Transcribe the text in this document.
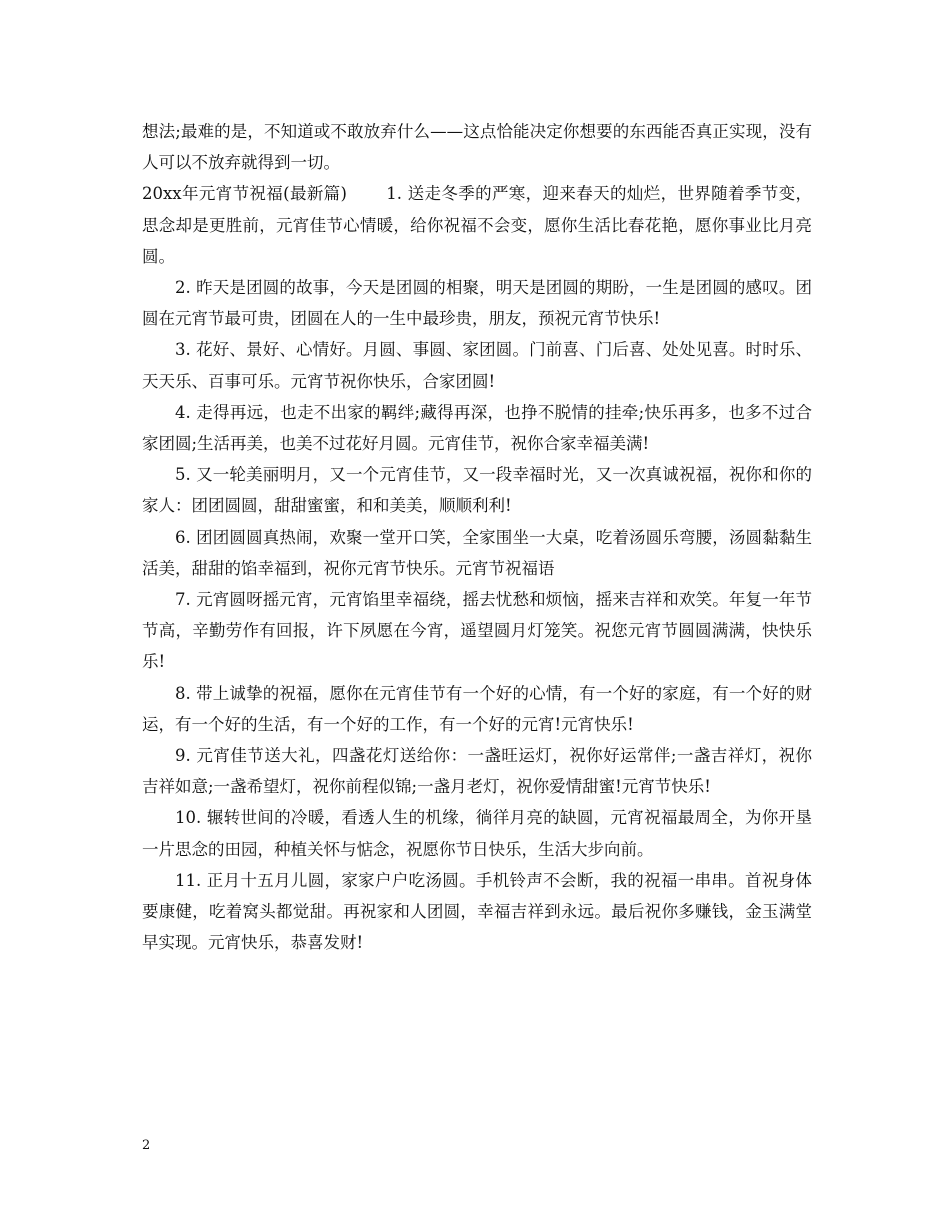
想法;最难的是，不知道或不敢放弃什么——这点恰能决定你想要的东西能否真正实现，没有人可以不放弃就得到一切。

20xx年元宵节祝福(最新篇) 1. 送走冬季的严寒，迎来春天的灿烂，世界随着季节变，思念却是更胜前，元宵佳节心情暖，给你祝福不会变，愿你生活比春花艳，愿你事业比月亮圆。

2. 昨天是团圆的故事，今天是团圆的相聚，明天是团圆的期盼，一生是团圆的感叹。团圆在元宵节最可贵，团圆在人的一生中最珍贵，朋友，预祝元宵节快乐!

3. 花好、景好、心情好。月圆、事圆、家团圆。门前喜、门后喜、处处见喜。时时乐、天天乐、百事可乐。元宵节祝你快乐，合家团圆!

4. 走得再远，也走不出家的羁绊;藏得再深，也挣不脱情的挂牵;快乐再多，也多不过合家团圆;生活再美，也美不过花好月圆。元宵佳节，祝你合家幸福美满!

5. 又一轮美丽明月，又一个元宵佳节，又一段幸福时光，又一次真诚祝福，祝你和你的家人：团团圆圆，甜甜蜜蜜，和和美美，顺顺利利!

6. 团团圆圆真热闹，欢聚一堂开口笑，全家围坐一大桌，吃着汤圆乐弯腰，汤圆黏黏生活美，甜甜的馅幸福到，祝你元宵节快乐。元宵节祝福语

7. 元宵圆呀摇元宵，元宵馅里幸福绕，摇去忧愁和烦恼，摇来吉祥和欢笑。年复一年节节高，辛勤劳作有回报，许下夙愿在今宵，遥望圆月灯笼笑。祝您元宵节圆圆满满，快快乐乐!

8. 带上诚挚的祝福，愿你在元宵佳节有一个好的心情，有一个好的家庭，有一个好的财运，有一个好的生活，有一个好的工作，有一个好的元宵!元宵快乐!

9. 元宵佳节送大礼，四盏花灯送给你：一盏旺运灯，祝你好运常伴;一盏吉祥灯，祝你吉祥如意;一盏希望灯，祝你前程似锦;一盏月老灯，祝你爱情甜蜜!元宵节快乐!

10. 辗转世间的冷暖，看透人生的机缘，徜徉月亮的缺圆，元宵祝福最周全，为你开垦一片思念的田园，种植关怀与惦念，祝愿你节日快乐，生活大步向前。

11. 正月十五月儿圆，家家户户吃汤圆。手机铃声不会断，我的祝福一串串。首祝身体要康健，吃着窝头都觉甜。再祝家和人团圆，幸福吉祥到永远。最后祝你多赚钱，金玉满堂早实现。元宵快乐，恭喜发财!

2
